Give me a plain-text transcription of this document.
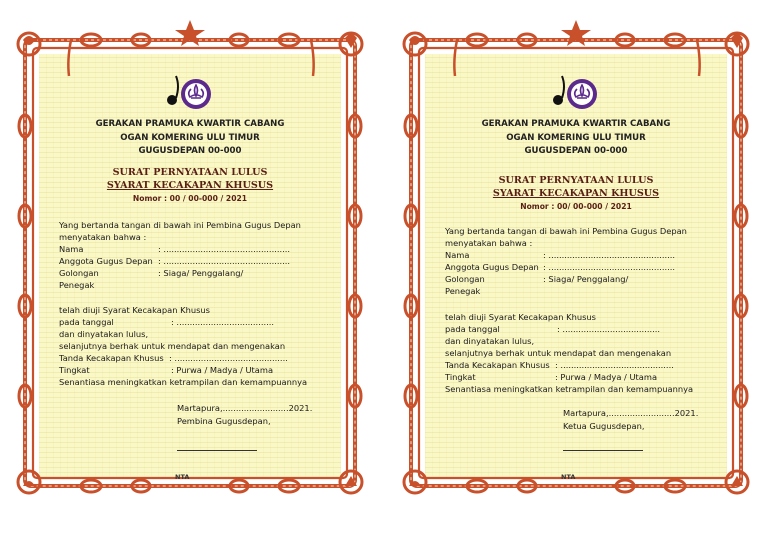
GERAKAN PRAMUKA KWARTIR CABANG
OGAN KOMERING ULU TIMUR
GUGUSDEPAN 00-000
SURAT PERNYATAAN LULUS
SYARAT KECAKAPAN KHUSUS
Nomor : 00 / 00-000 / 2021
Yang bertanda tangan di bawah ini Pembina Gugus Depan
menyatakan bahwa :
Nama	: ................................................
Anggota Gugus Depan : ................................................
Golongan	: Siaga/ Penggalang/
Penegak
telah diuji Syarat Kecakapan Khusus
pada tanggal	: .....................................
dan dinyatakan lulus,
selanjutnya berhak untuk mendapat dan mengenakan
Tanda Kecakapan Khusus : ...........................................
Tingkat	: Purwa / Madya / Utama
Senantiasa meningkatkan ketrampilan dan kemampuannya
Martapura,.........................2021.
Pembina Gugusdepan,
NTA
GERAKAN PRAMUKA KWARTIR CABANG
OGAN KOMERING ULU TIMUR
GUGUSDEPAN 00-000
SURAT PERNYATAAN LULUS
SYARAT KECAKAPAN KHUSUS
Nomor : 00/ 00-000 / 2021
Yang bertanda tangan di bawah ini Pembina Gugus Depan
menyatakan bahwa :
Nama	: ................................................
Anggota Gugus Depan : ................................................
Golongan	: Siaga/ Penggalang/
Penegak
telah diuji Syarat Kecakapan Khusus
pada tanggal	: .....................................
dan dinyatakan lulus,
selanjutnya berhak untuk mendapat dan mengenakan
Tanda Kecakapan Khusus : ...........................................
Tingkat	: Purwa / Madya / Utama
Senantiasa meningkatkan ketrampilan dan kemampuannya
Martapura,.........................2021.
Ketua Gugusdepan,
NTA
